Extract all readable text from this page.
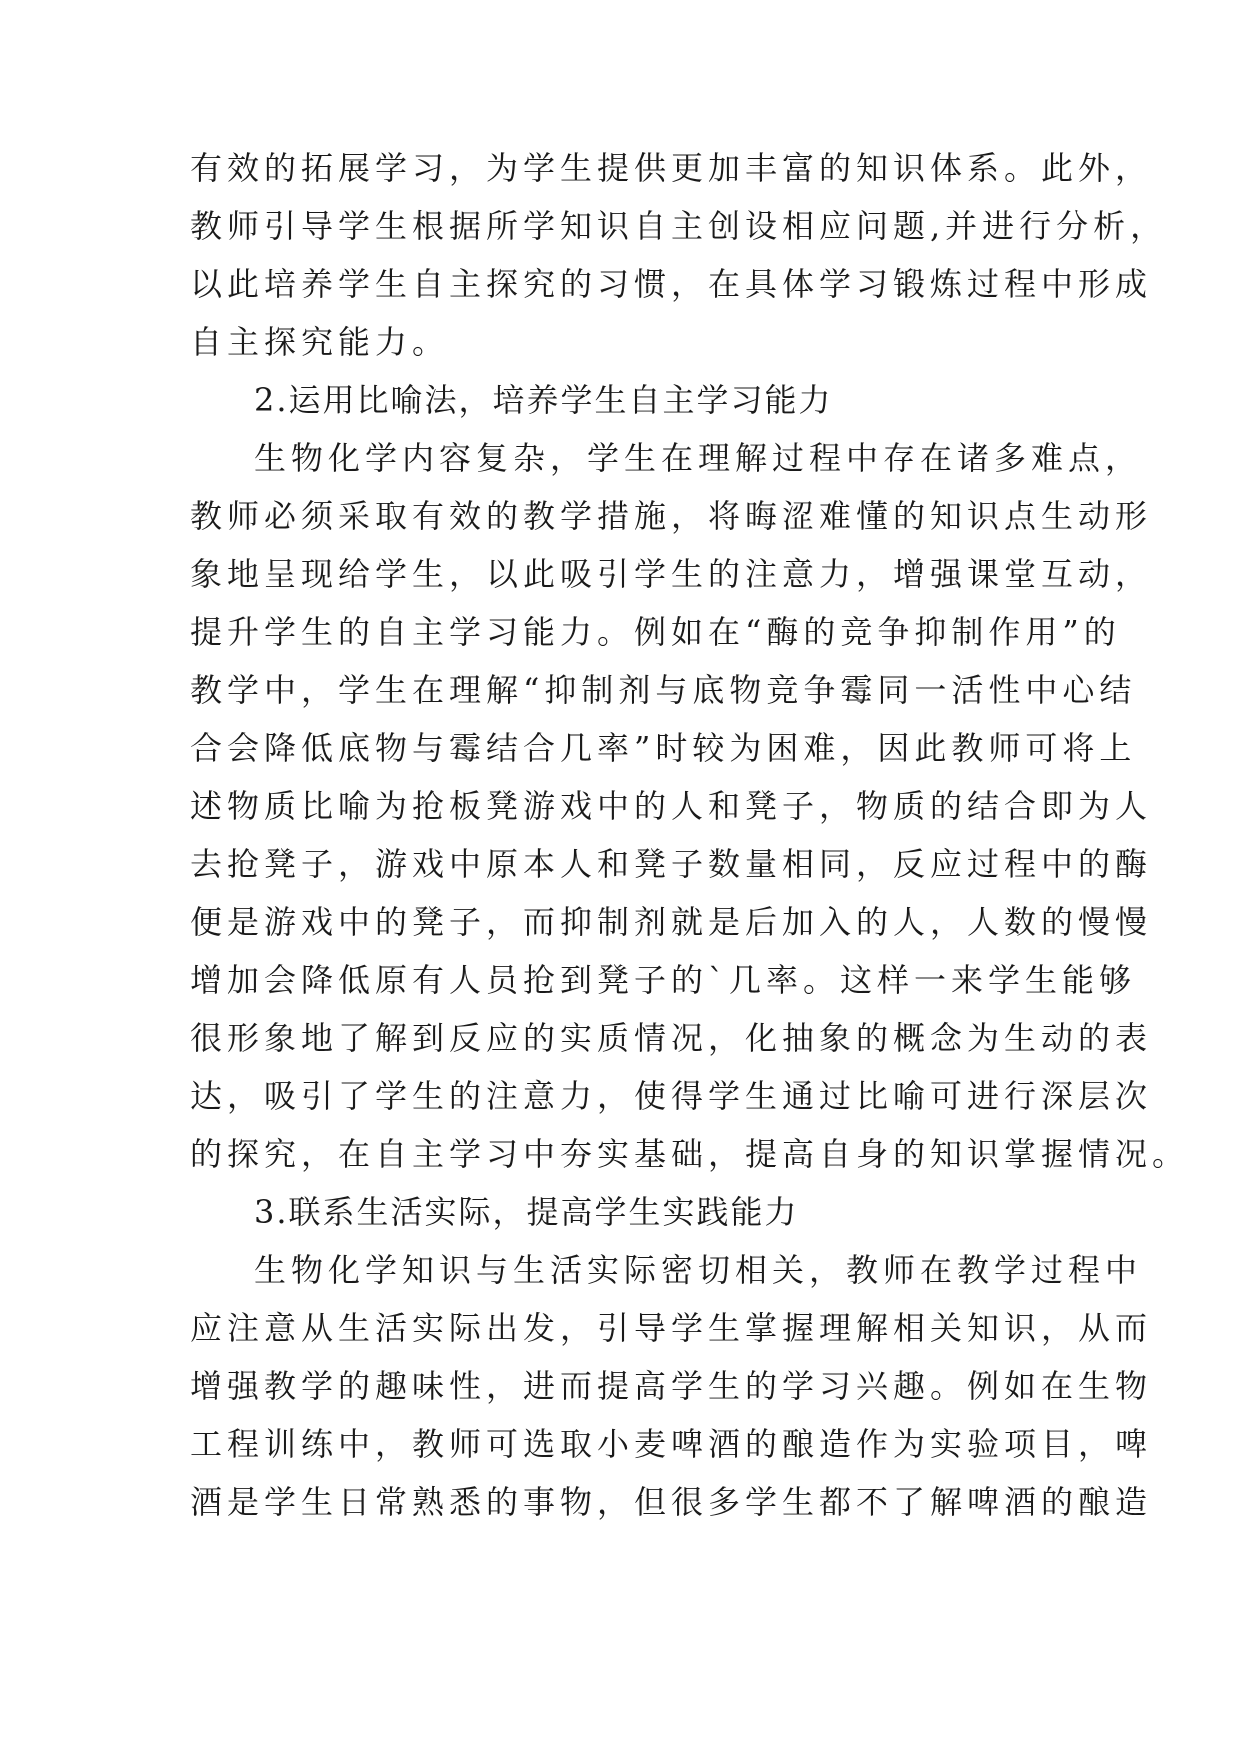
有效的拓展学习，为学生提供更加丰富的知识体系。此外，
教师引导学生根据所学知识自主创设相应问题,并进行分析，
以此培养学生自主探究的习惯，在具体学习锻炼过程中形成
自主探究能力。
2.运用比喻法，培养学生自主学习能力
生物化学内容复杂，学生在理解过程中存在诸多难点，
教师必须采取有效的教学措施，将晦涩难懂的知识点生动形
象地呈现给学生，以此吸引学生的注意力，增强课堂互动，
提升学生的自主学习能力。例如在“酶的竞争抑制作用”的
教学中，学生在理解“抑制剂与底物竞争霉同一活性中心结
合会降低底物与霉结合几率”时较为困难，因此教师可将上
述物质比喻为抢板凳游戏中的人和凳子，物质的结合即为人
去抢凳子，游戏中原本人和凳子数量相同，反应过程中的酶
便是游戏中的凳子，而抑制剂就是后加入的人，人数的慢慢
增加会降低原有人员抢到凳子的`几率。这样一来学生能够
很形象地了解到反应的实质情况，化抽象的概念为生动的表
达，吸引了学生的注意力，使得学生通过比喻可进行深层次
的探究，在自主学习中夯实基础，提高自身的知识掌握情况。
3.联系生活实际，提高学生实践能力
生物化学知识与生活实际密切相关，教师在教学过程中
应注意从生活实际出发，引导学生掌握理解相关知识，从而
增强教学的趣味性，进而提高学生的学习兴趣。例如在生物
工程训练中，教师可选取小麦啤酒的酿造作为实验项目，啤
酒是学生日常熟悉的事物，但很多学生都不了解啤酒的酿造
